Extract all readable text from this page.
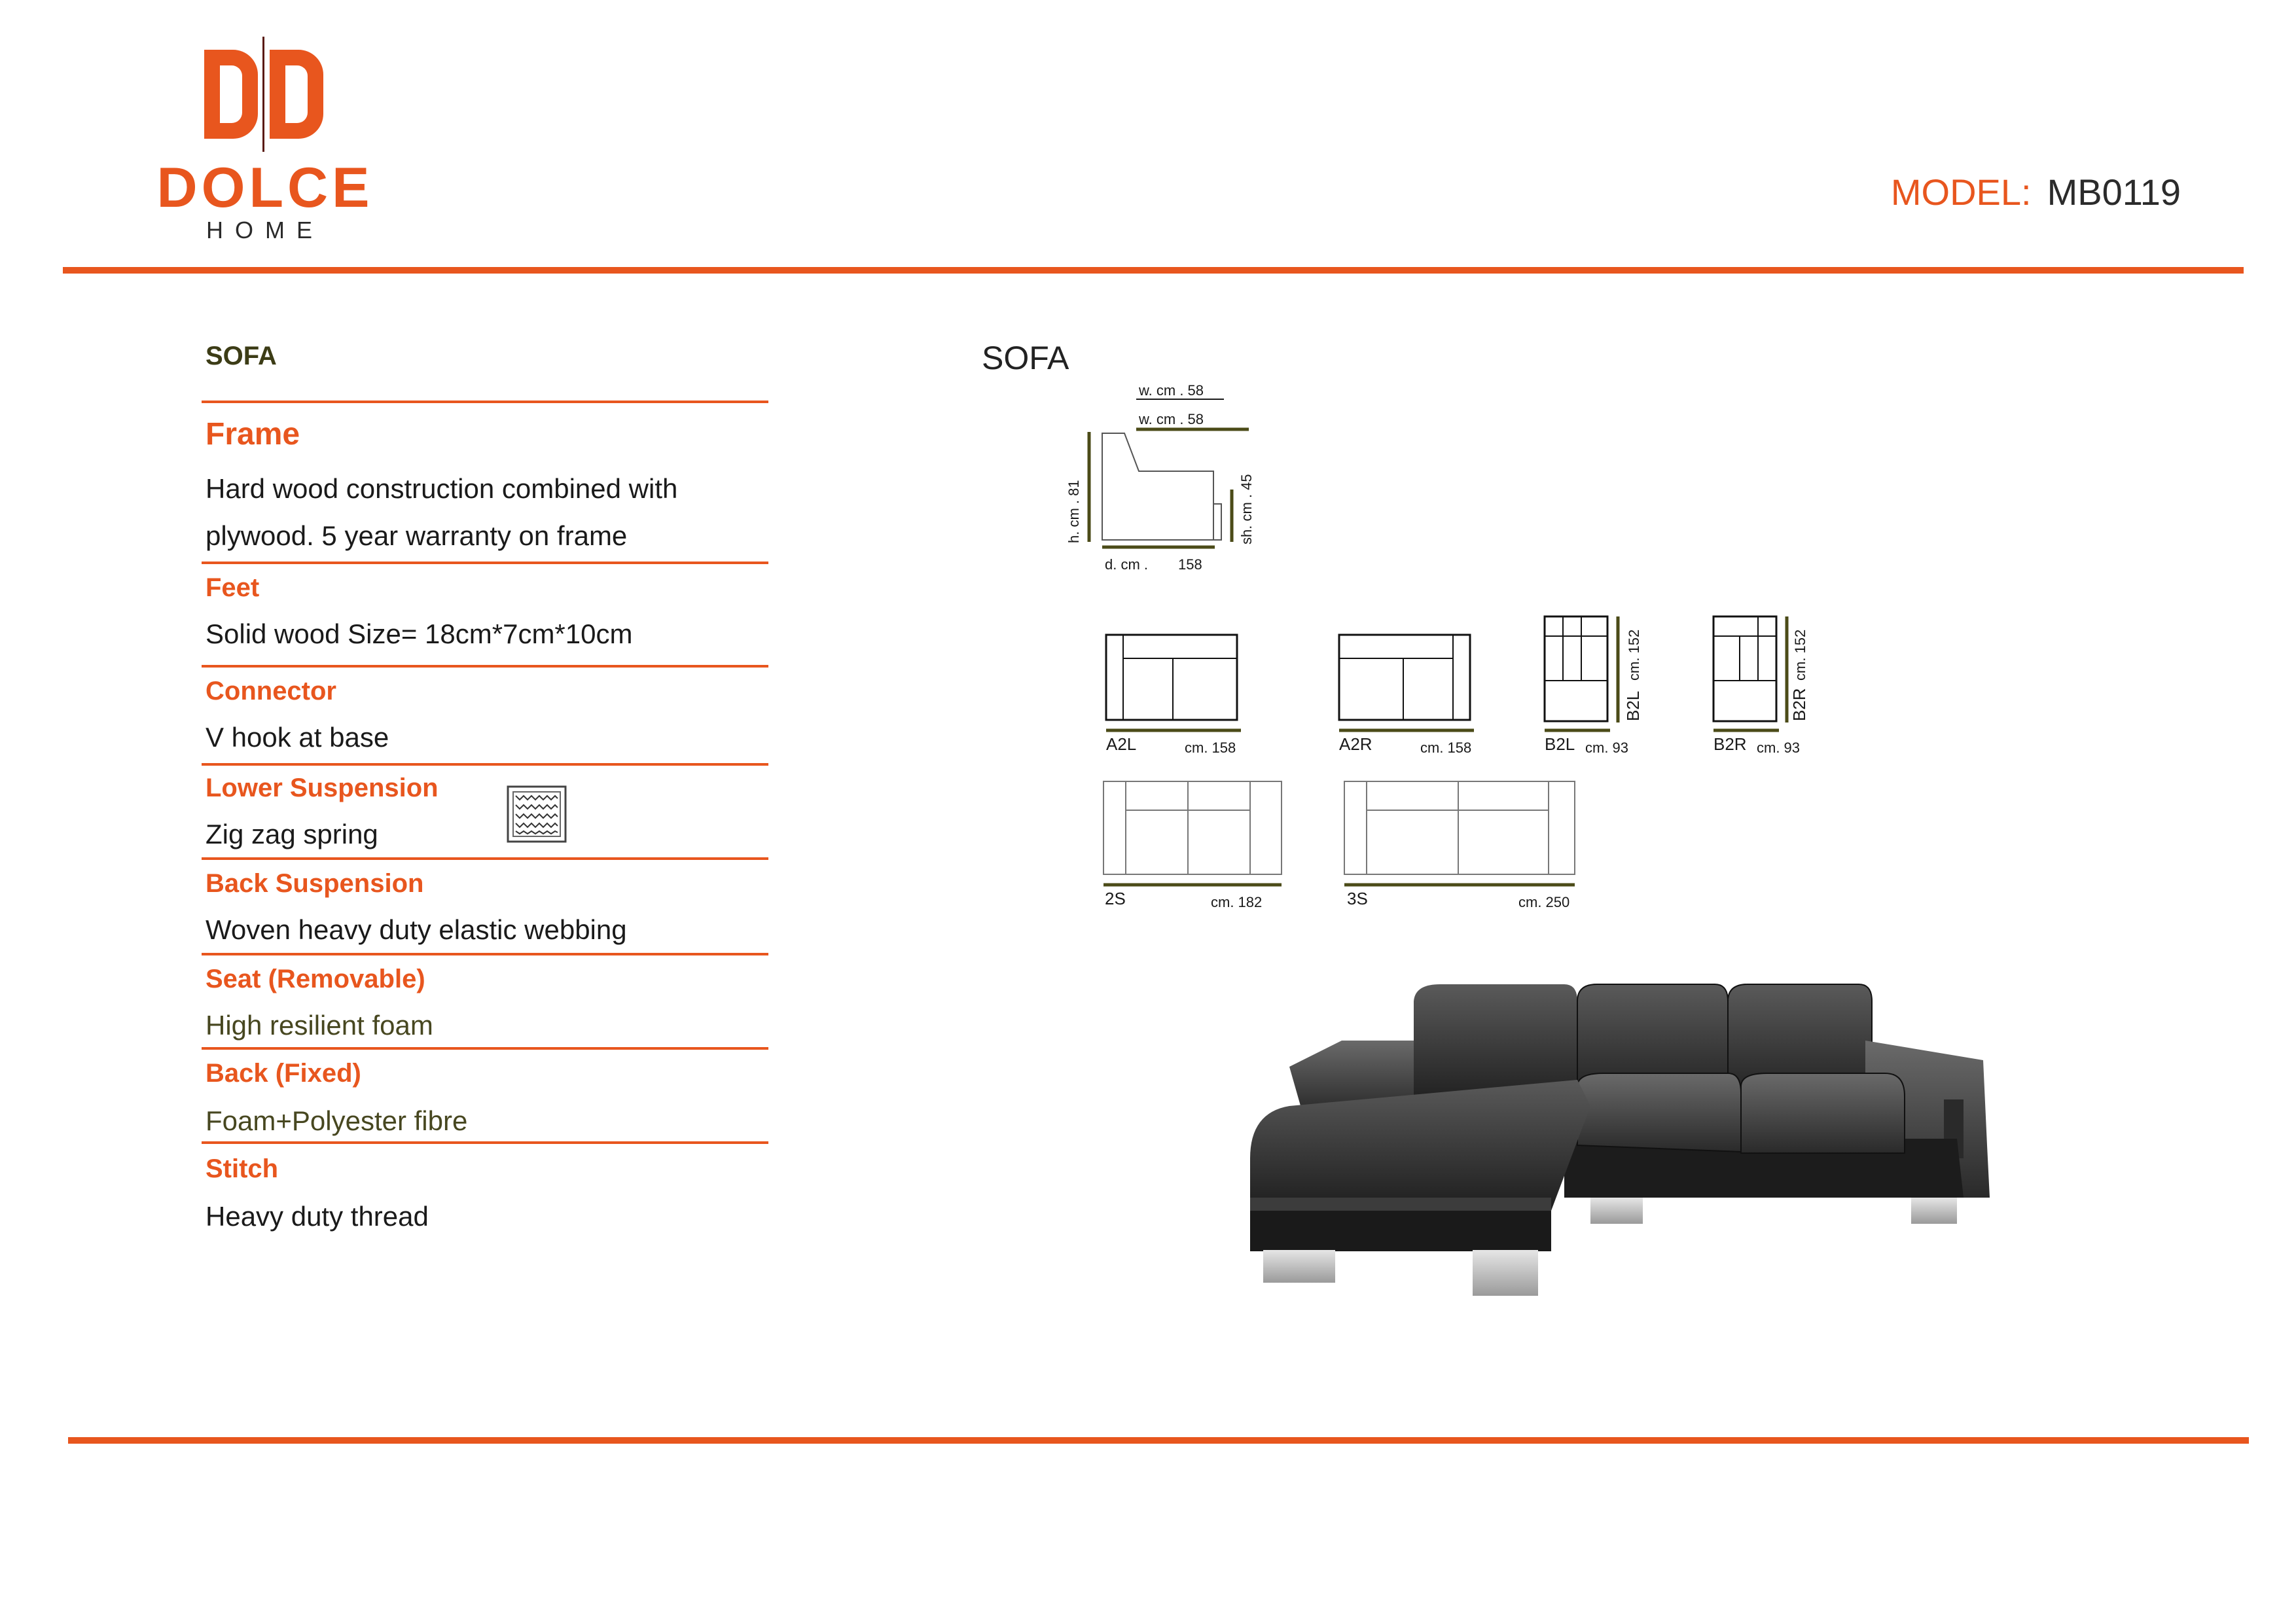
DOLCE
HOME
MODEL: MB0119
SOFA
Frame
Hard wood construction combined with
plywood. 5 year warranty on frame
Feet
Solid wood Size= 18cm*7cm*10cm
Connector
V hook at base
Lower Suspension
Zig zag spring
Back Suspension
Woven heavy duty elastic webbing
Seat (Removable)
High resilient foam
Back (Fixed)
Foam+Polyester fibre
Stitch
Heavy duty thread
SOFA
w. cm . 58
w. cm . 58
h. cm . 81	sh. cm . 45
d. cm . 158
A2L	cm. 158	A2R	cm. 158
B2L
cm. 152
B2L cm. 93
B2R
cm. 152
B2R cm. 93
2S	cm. 182	3S	cm. 250
